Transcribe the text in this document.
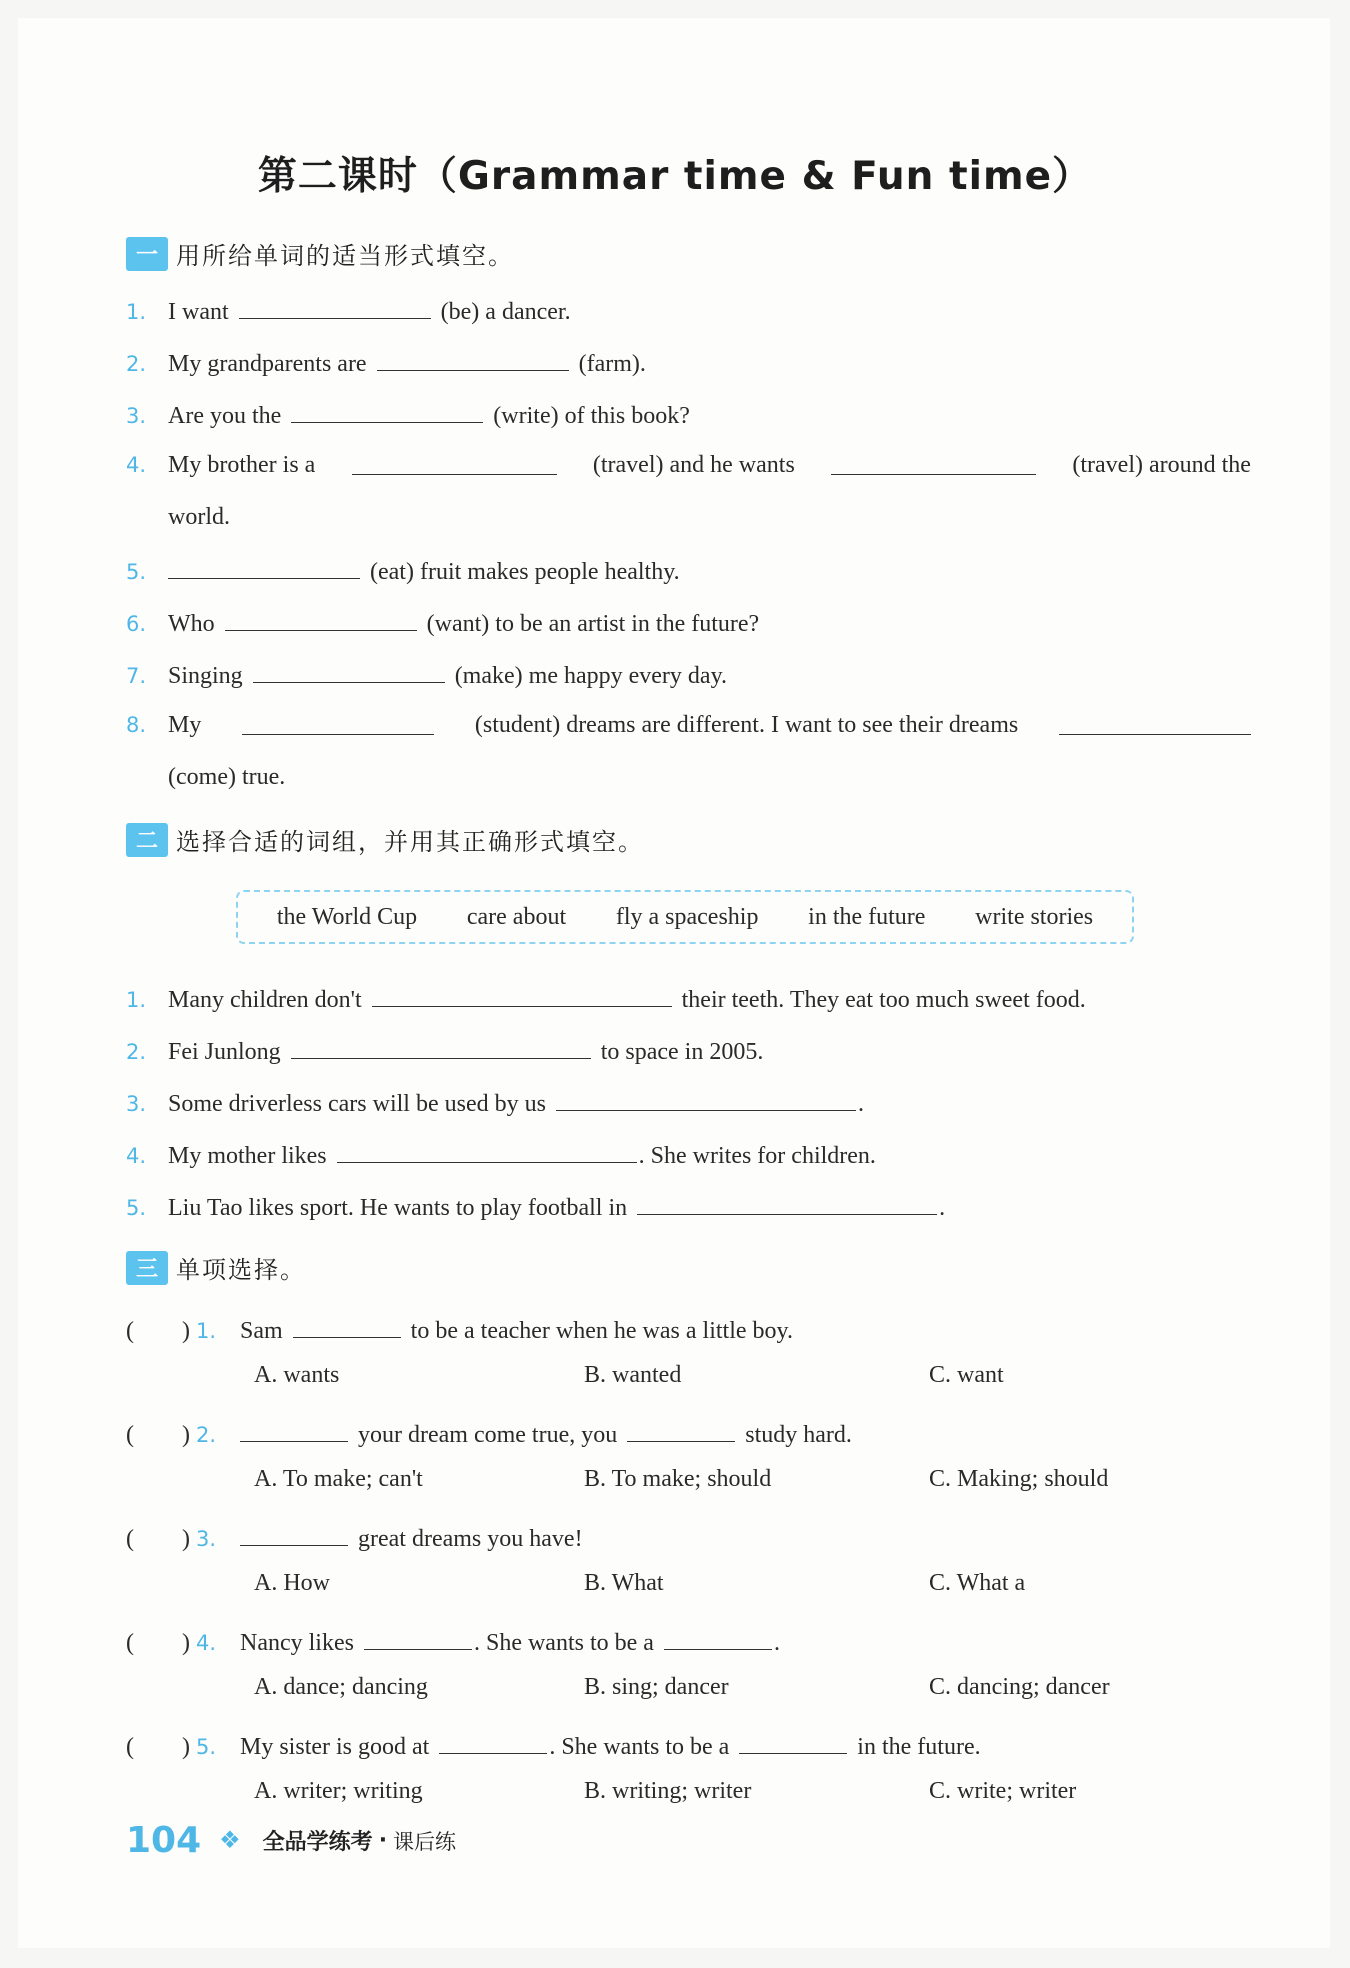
第二课时（Grammar time & Fun time）
一 用所给单词的适当形式填空。
1. I want	(be) a dancer.
2. My grandparents are	(farm).
3. Are you the	(write) of this book?
4. My brother is a	(travel) and he wants	(travel) around the
world.
5.	(eat) fruit makes people healthy.
6. Who	(want) to be an artist in the future?
7. Singing	(make) me happy every day.
8. My	(student) dreams are different. I want to see their dreams
(come) true.
二 选择合适的词组，并用其正确形式填空。
the World Cup care about fly a spaceship in the future write stories
1. Many children don't	their teeth. They eat too much sweet food.
2. Fei Junlong	to space in 2005.
3. Some driverless cars will be used by us	.
4. My mother likes	. She writes for children.
5. Liu Tao likes sport. He wants to play football in	.
三 单项选择。
(　　) 1. Sam	to be a teacher when he was a little boy.
A. wants	B. wanted	C. want
(　　) 2.	your dream come true, you	study hard.
A. To make; can't	B. To make; should	C. Making; should
(　　) 3.	great dreams you have!
A. How	B. What	C. What a
(　　) 4. Nancy likes	. She wants to be a	.
A. dance; dancing	B. sing; dancer	C. dancing; dancer
(　　) 5. My sister is good at	. She wants to be a	in the future.
A. writer; writing	B. writing; writer	C. write; writer
104 ❖ 全品学练考 · 课后练
